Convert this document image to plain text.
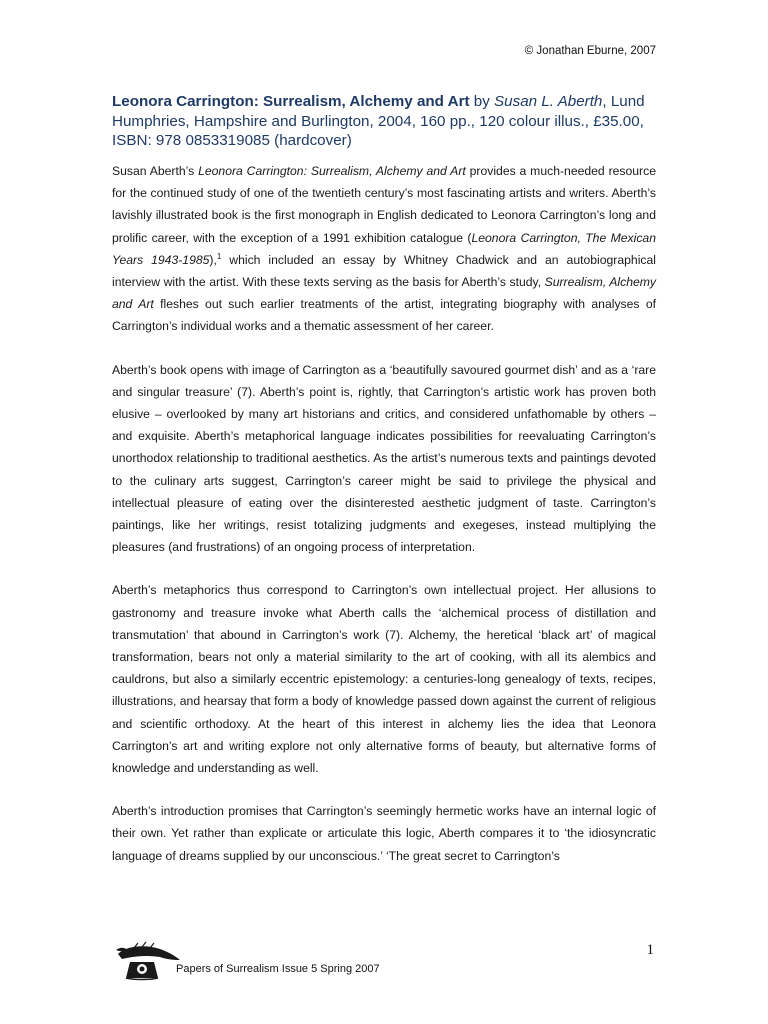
© Jonathan Eburne, 2007
Leonora Carrington: Surrealism, Alchemy and Art by Susan L. Aberth, Lund Humphries, Hampshire and Burlington, 2004, 160 pp., 120 colour illus., £35.00, ISBN: 978 0853319085 (hardcover)

Susan Aberth’s Leonora Carrington: Surrealism, Alchemy and Art provides a much-needed resource for the continued study of one of the twentieth century’s most fascinating artists and writers. Aberth’s lavishly illustrated book is the first monograph in English dedicated to Leonora Carrington’s long and prolific career, with the exception of a 1991 exhibition catalogue (Leonora Carrington, The Mexican Years 1943-1985),$^1$ which included an essay by Whitney Chadwick and an autobiographical interview with the artist. With these texts serving as the basis for Aberth’s study, Surrealism, Alchemy and Art fleshes out such earlier treatments of the artist, integrating biography with analyses of Carrington’s individual works and a thematic assessment of her career.

Aberth’s book opens with image of Carrington as a ‘beautifully savoured gourmet dish’ and as a ‘rare and singular treasure’ (7). Aberth’s point is, rightly, that Carrington’s artistic work has proven both elusive – overlooked by many art historians and critics, and considered unfathomable by others – and exquisite. Aberth’s metaphorical language indicates possibilities for reevaluating Carrington’s unorthodox relationship to traditional aesthetics. As the artist’s numerous texts and paintings devoted to the culinary arts suggest, Carrington’s career might be said to privilege the physical and intellectual pleasure of eating over the disinterested aesthetic judgment of taste. Carrington’s paintings, like her writings, resist totalizing judgments and exegeses, instead multiplying the pleasures (and frustrations) of an ongoing process of interpretation.

Aberth’s metaphorics thus correspond to Carrington’s own intellectual project. Her allusions to gastronomy and treasure invoke what Aberth calls the ‘alchemical process of distillation and transmutation’ that abound in Carrington’s work (7). Alchemy, the heretical ‘black art’ of magical transformation, bears not only a material similarity to the art of cooking, with all its alembics and cauldrons, but also a similarly eccentric epistemology: a centuries-long genealogy of texts, recipes, illustrations, and hearsay that form a body of knowledge passed down against the current of religious and scientific orthodoxy. At the heart of this interest in alchemy lies the idea that Leonora Carrington’s art and writing explore not only alternative forms of beauty, but alternative forms of knowledge and understanding as well.

Aberth’s introduction promises that Carrington’s seemingly hermetic works have an internal logic of their own. Yet rather than explicate or articulate this logic, Aberth compares it to ‘the idiosyncratic language of dreams supplied by our unconscious.’ ‘The great secret to Carrington’s

1
Papers of Surrealism Issue 5 Spring 2007
